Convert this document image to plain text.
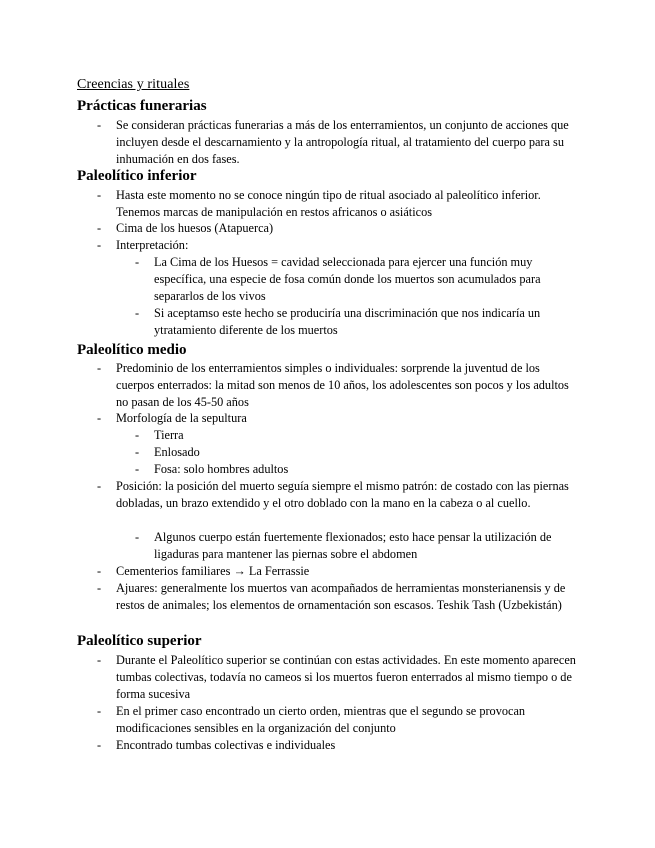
Creencias y rituales
Prácticas funerarias
- Se consideran prácticas funerarias a más de los enterramientos, un conjunto de acciones que incluyen desde el descarnamiento y la antropología ritual, al tratamiento del cuerpo para su inhumación en dos fases.
Paleolítico inferior
- Hasta este momento no se conoce ningún tipo de ritual asociado al paleolítico inferior. Tenemos marcas de manipulación en restos africanos o asiáticos
- Cima de los huesos (Atapuerca)
- Interpretación:
- La Cima de los Huesos = cavidad seleccionada para ejercer una función muy específica, una especie de fosa común donde los muertos son acumulados para separarlos de los vivos
- Si aceptamso este hecho se produciría una discriminación que nos indicaría un ytratamiento diferente de los muertos
Paleolítico medio
- Predominio de los enterramientos simples o individuales: sorprende la juventud de los cuerpos enterrados: la mitad son menos de 10 años, los adolescentes son pocos y los adultos no pasan de los 45-50 años
- Morfología de la sepultura
- Tierra
- Enlosado
- Fosa: solo hombres adultos
- Posición: la posición del muerto seguía siempre el mismo patrón: de costado con las piernas dobladas, un brazo extendido y el otro doblado con la mano en la cabeza o al cuello.
- Algunos cuerpo están fuertemente flexionados; esto hace pensar la utilización de ligaduras para mantener las piernas sobre el abdomen
- Cementerios familiares → La Ferrassie
- Ajuares: generalmente los muertos van acompañados de herramientas monsterianensis y de restos de animales; los elementos de ornamentación son escasos. Teshik Tash (Uzbekistán)
Paleolítico superior
- Durante el Paleolítico superior se continúan con estas actividades. En este momento aparecen tumbas colectivas, todavía no cameos si los muertos fueron enterrados al mismo tiempo o de forma sucesiva
- En el primer caso encontrado un cierto orden, mientras que el segundo se provocan modificaciones sensibles en la organización del conjunto
- Encontrado tumbas colectivas e individuales
